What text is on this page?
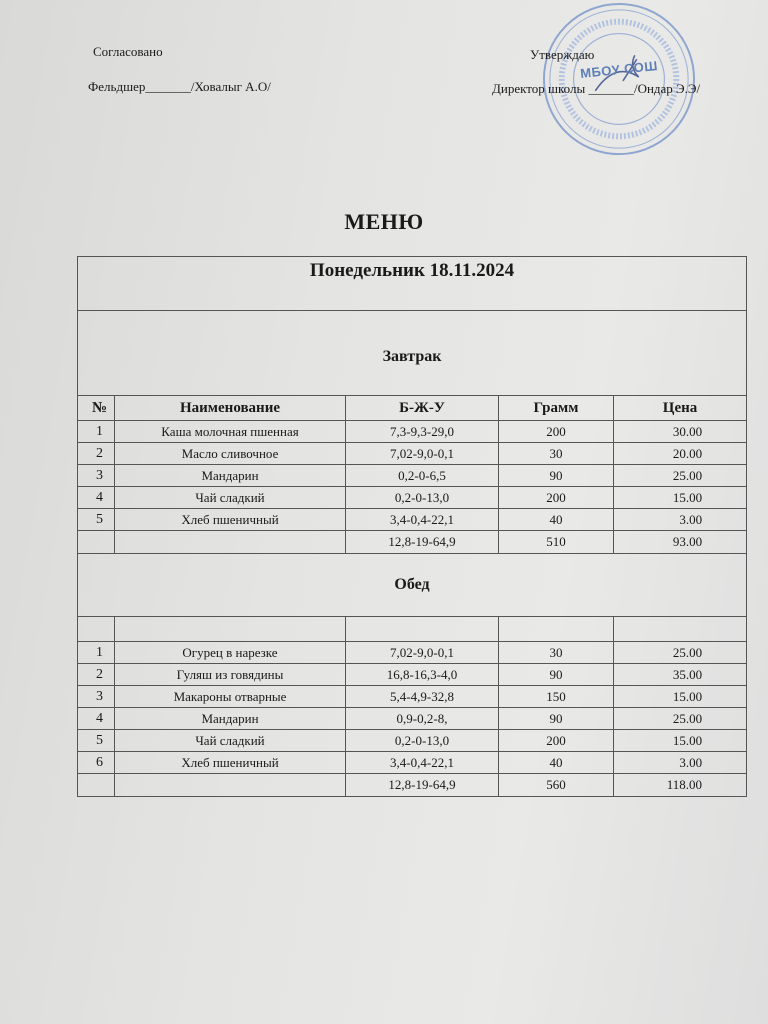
Согласовано
Фельдшер_______/Ховалыг А.О/
МБОУ СОШ
Утверждаю
Директор школы _______/Ондар Э.Э/
МЕНЮ
Понедельник 18.11.2024				
Завтрак				
№	Наименование	Б-Ж-У	Грамм	Цена
1	Каша молочная пшенная	7,3-9,3-29,0	200	30.00
2	Масло сливочное	7,02-9,0-0,1	30	20.00
3	Мандарин	0,2-0-6,5	90	25.00
4	Чай сладкий	0,2-0-13,0	200	15.00
5	Хлеб пшеничный	3,4-0,4-22,1	40	3.00
		12,8-19-64,9	510	93.00
Обед				

1	Огурец в нарезке	7,02-9,0-0,1	30	25.00
2	Гуляш из говядины	16,8-16,3-4,0	90	35.00
3	Макароны отварные	5,4-4,9-32,8	150	15.00
4	Мандарин	0,9-0,2-8,	90	25.00
5	Чай сладкий	0,2-0-13,0	200	15.00
6	Хлеб пшеничный	3,4-0,4-22,1	40	3.00
		12,8-19-64,9	560	118.00
